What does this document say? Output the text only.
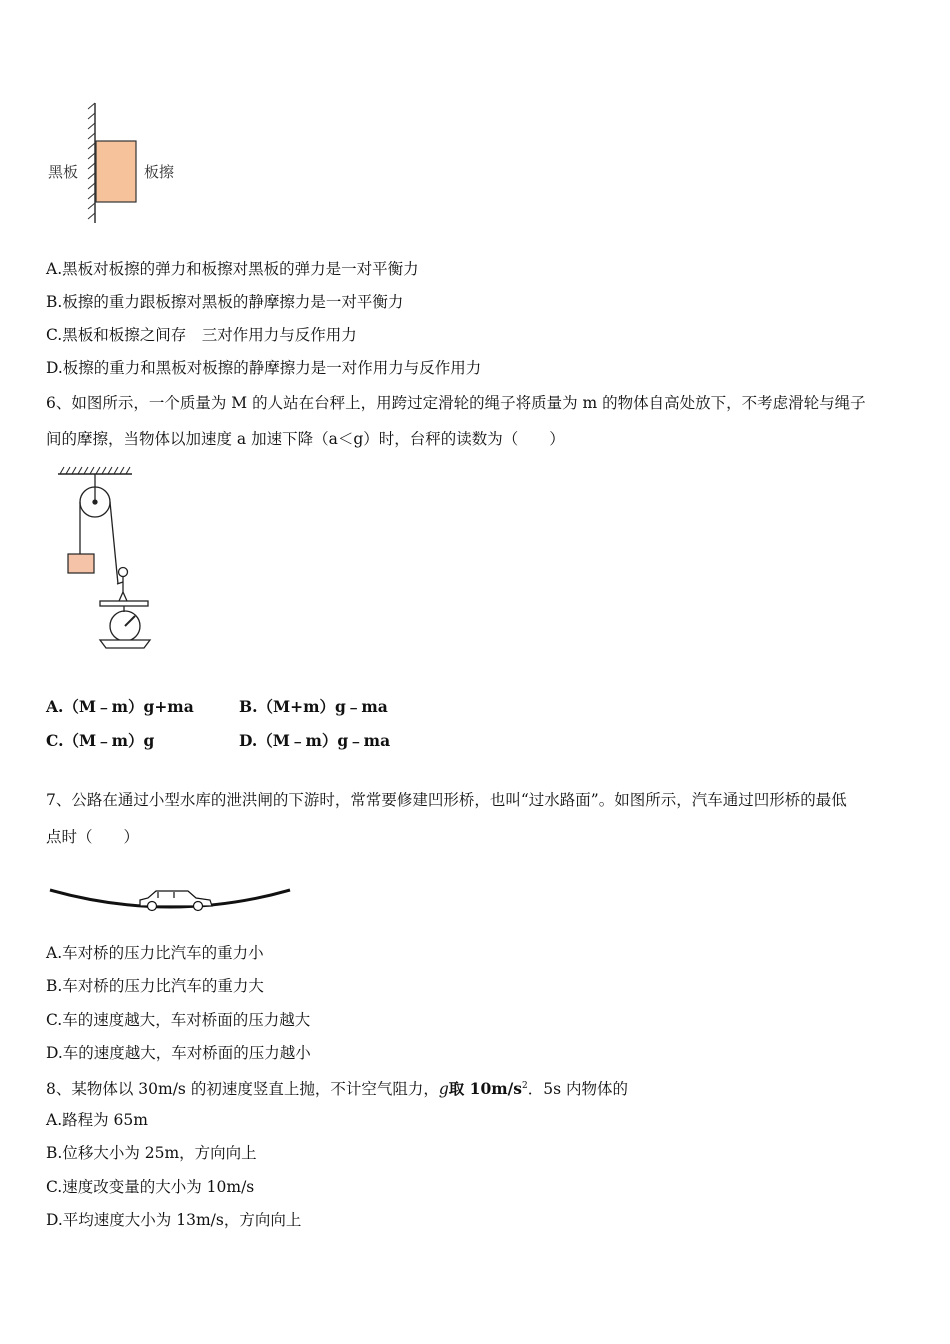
黑板	板擦
A.黑板对板擦的弹力和板擦对黑板的弹力是一对平衡力
B.板擦的重力跟板擦对黑板的静摩擦力是一对平衡力
C.黑板和板擦之间存　三对作用力与反作用力
D.板擦的重力和黑板对板擦的静摩擦力是一对作用力与反作用力
6、如图所示，一个质量为 M 的人站在台秤上，用跨过定滑轮的绳子将质量为 m 的物体自高处放下，不考虑滑轮与绳子
间的摩擦，当物体以加速度 a 加速下降（a＜g）时，台秤的读数为（　　）
A.（M﹣m）g+ma	B.（M+m）g﹣ma
C.（M﹣m）g	D.（M﹣m）g﹣ma
7、公路在通过小型水库的泄洪闸的下游时，常常要修建凹形桥，也叫“过水路面”。如图所示，汽车通过凹形桥的最低
点时（　　）
A.车对桥的压力比汽车的重力小
B.车对桥的压力比汽车的重力大
C.车的速度越大，车对桥面的压力越大
D.车的速度越大，车对桥面的压力越小
8、某物体以 30m/s 的初速度竖直上抛，不计空气阻力，g取 $10m/s^2$．5s 内物体的
A.路程为 65m
B.位移大小为 25m，方向向上
C.速度改变量的大小为 10m/s
D.平均速度大小为 13m/s，方向向上
